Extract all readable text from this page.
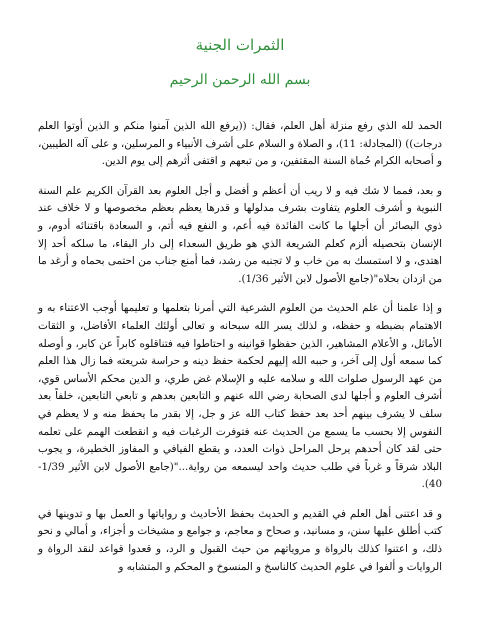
الثمرات الجنية
بسم الله الرحمن الرحيم

الحمد لله الذي رفع منزلة أهل العلم، فقال: ((يرفع الله الذين آمنوا منكم و الذين أوتوا العلم درجات)) (المجادلة: 11)، و الصلاة و السلام على أشرف الأنبياء و المرسلين، و على آله الطيبين، و أصحابه الكرام حُماة السنة المقتفين، و من تبعهم و اقتفى أثرهم إلى يوم الدين.

و بعد، فمما لا شك فيه و لا ريب أن أعظم و أفضل و أجل العلوم بعد القرآن الكريم علم السنة النبوية و أشرف العلوم يتفاوت بشرف مدلولها و قدرها يعظم بعظم مخصوصها و لا خلاف عند ذوي البصائر أن أجلها ما كانت الفائدة فيه أعم، و النفع فيه أتم، و السعادة باقتنائه أدوم، و الإنسان بتحصيله ألزم كعلم الشريعة الذي هو طريق السعداء إلى دار البقاء، ما سلكه أحد إلا اهتدى، و لا استمسك به من خاب و لا تجنبه من رشد، فما أمنع جناب من احتمى بحماه و أرغد ما من ازدان بحلاه"(جامع الأصول لابن الأثير 1/36).

و إذا علمنا أن علم الحديث من العلوم الشرعية التي أمرنا بتعلمها و تعليمها أوجب الاعتناء به و الاهتمام بضبطه و حفظه، و لذلك يسر الله سبحانه و تعالى أولئك العلماء الأفاضل، و الثقات الأماثل، و الأعلام المشاهير، الذين حفظوا قوانينه و احتاطوا فيه فتناقلوه كابراً عن كابر، و أوصله كما سمعه أول إلى آخر، و حببه الله إليهم لحكمة حفظ دينه و حراسة شريعته فما زال هذا العلم من عهد الرسول صلوات الله و سلامه عليه و الإسلام غض طري، و الدين محكم الأساس قوي، أشرف العلوم و أجلها لدى الصحابة رضي الله عنهم و التابعين بعدهم و تابعي التابعين، خلفاً بعد سلف لا يشرف بينهم أحد بعد حفظ كتاب الله عز و جل، إلا بقدر ما يحفظ منه و لا يعظم في النفوس إلا بحسب ما يسمع من الحديث عنه فتوفرت الرغبات فيه و انقطعت الهمم على تعلمه حتى لقد كان أحدهم يرحل المراحل ذوات العدد، و يقطع الفيافي و المفاوز الخطيرة، و يجوب البلاد شرقاً و غرباً في طلب حديث واحد ليسمعه من رواية..."(جامع الأصول لابن الأثير 1/39-40).

و قد اعتنى أهل العلم في القديم و الحديث بحفظ الأحاديث و رواياتها و العمل بها و تدوينها في كتب أطلق عليها سنن، و مسانيد، و صحاح و معاجم، و جوامع و مشيخات و أجزاء، و أمالي و نحو ذلك، و اعتنوا كذلك بالرواة و مروياتهم من حيث القبول و الرد، و قعدوا قواعد لنقد الرواة و الروايات و ألفوا في علوم الحديث كالناسخ و المنسوخ و المحكم و المتشابه و
